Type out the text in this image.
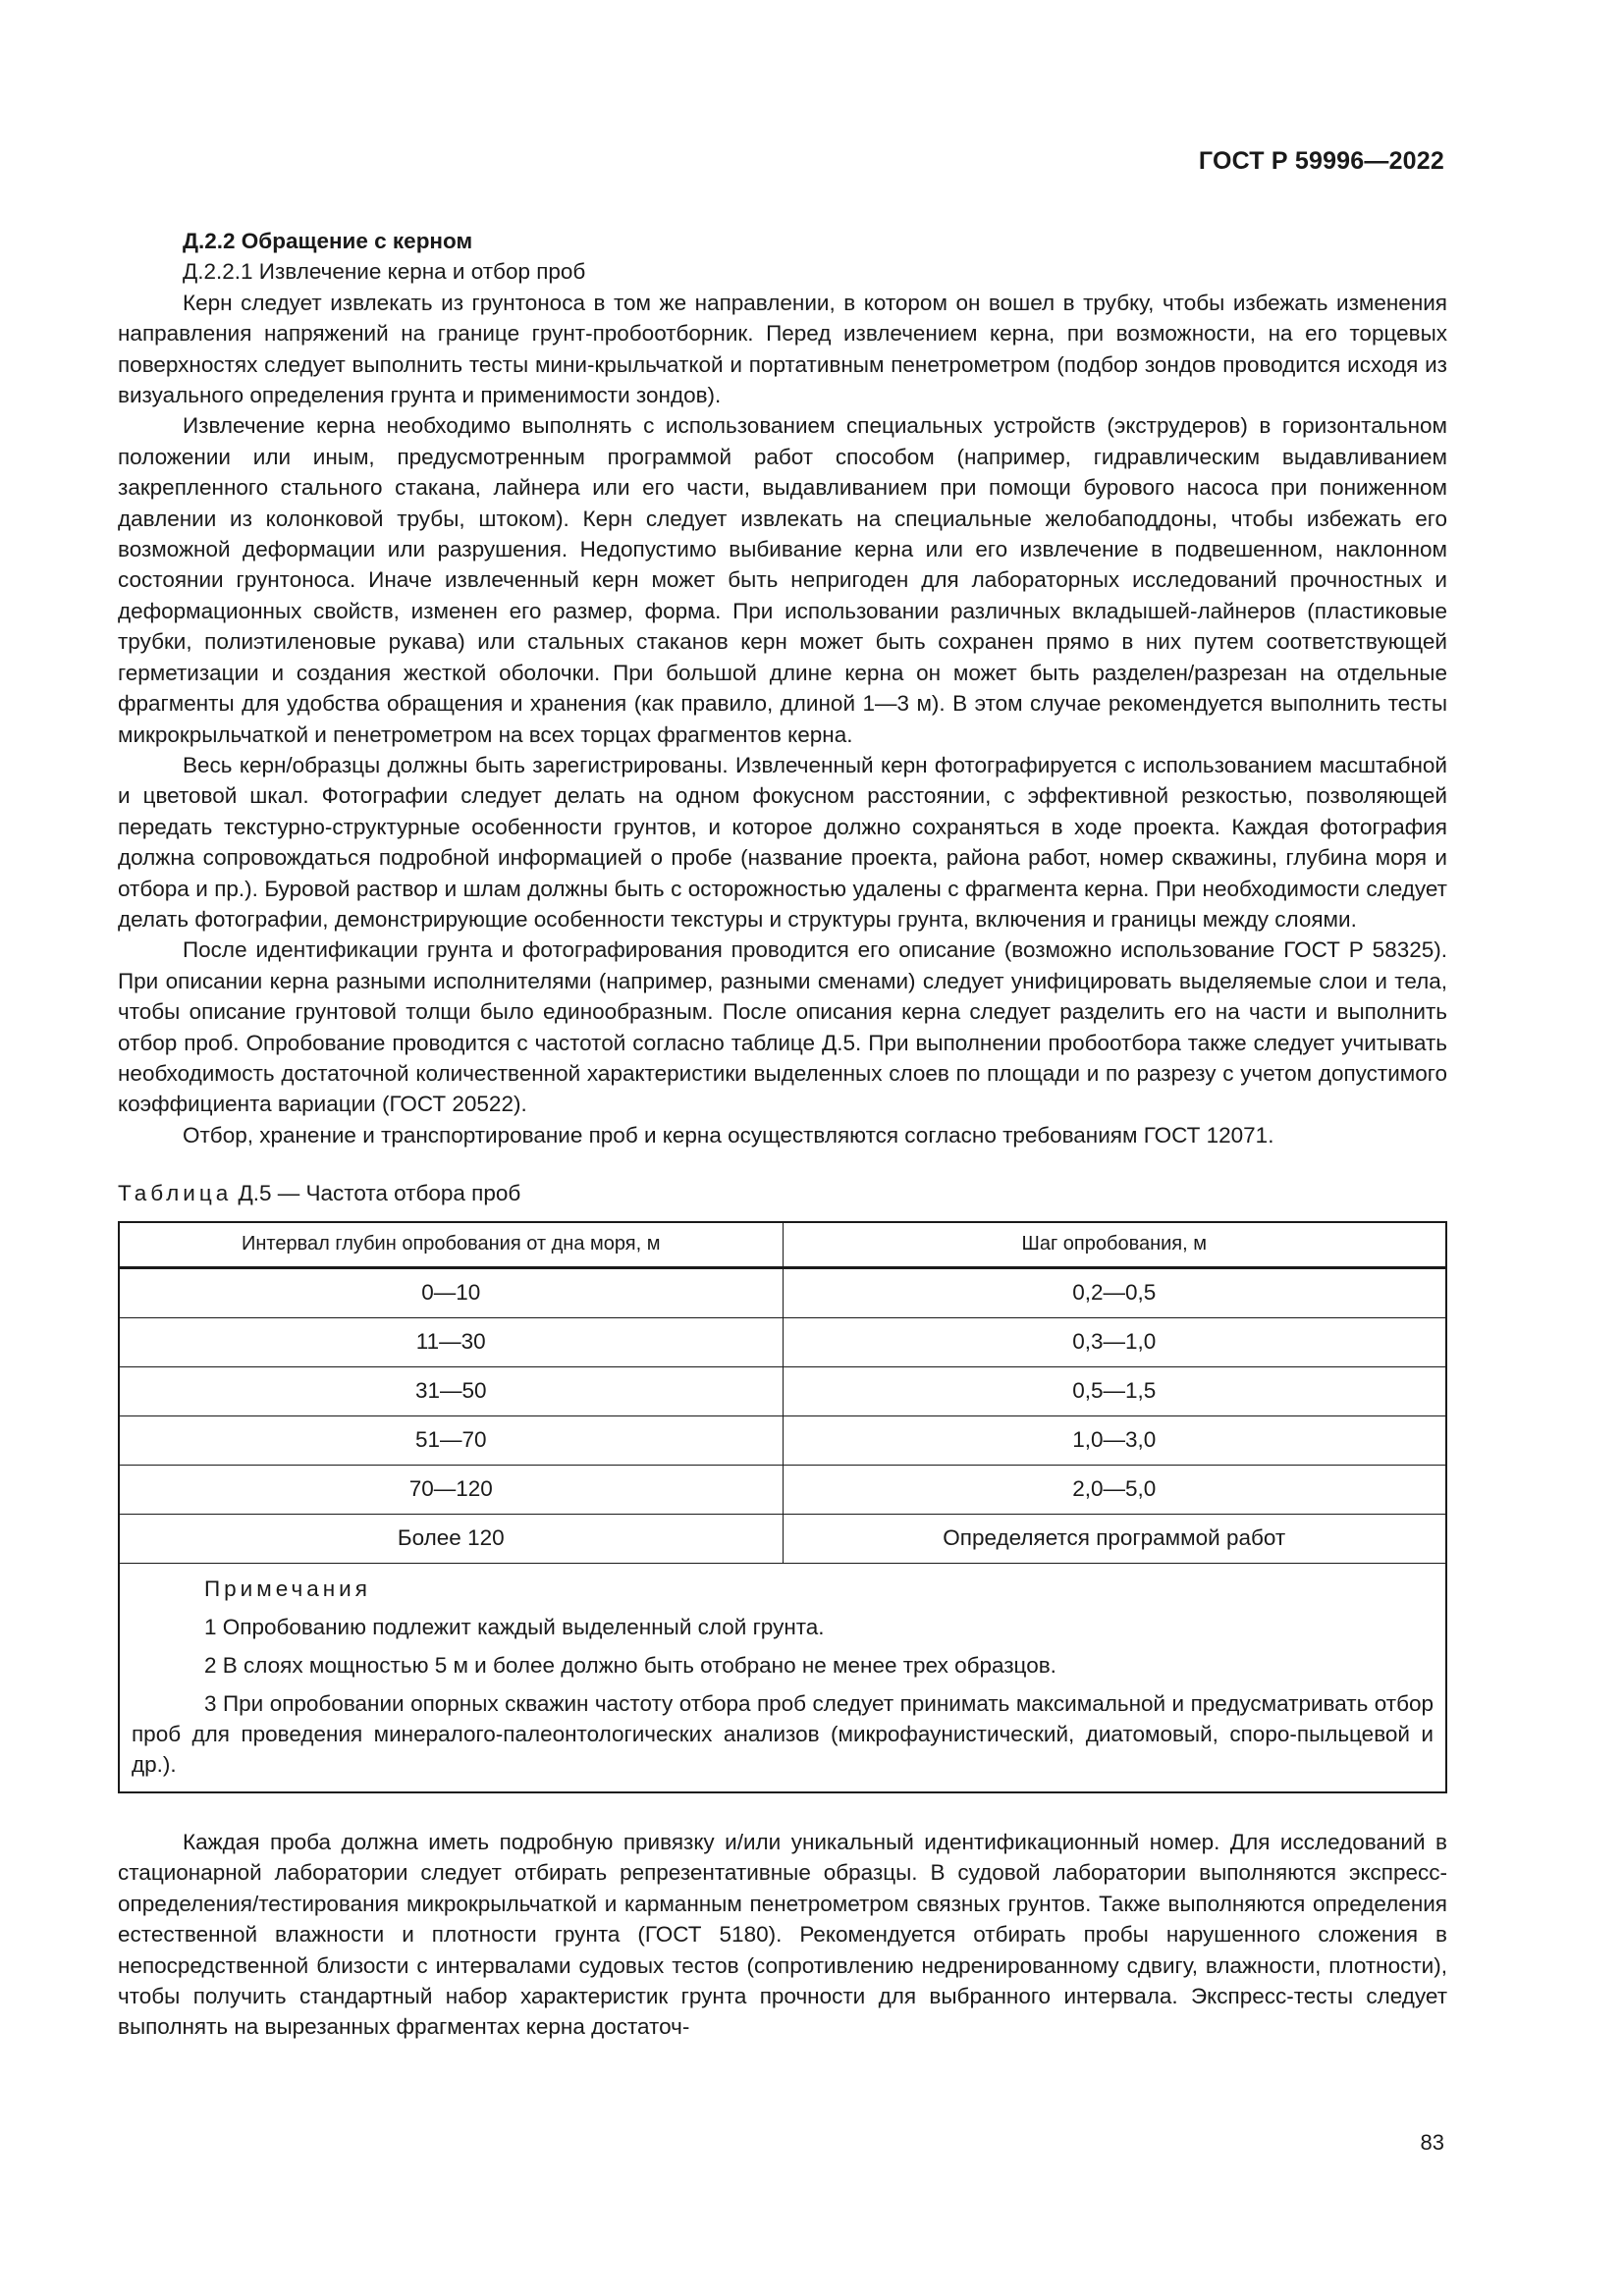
ГОСТ Р 59996—2022

Д.2.2 Обращение с керном

Д.2.2.1 Извлечение керна и отбор проб

Керн следует извлекать из грунтоноса в том же направлении, в котором он вошел в трубку, чтобы избежать изменения направления напряжений на границе грунт-пробоотборник. Перед извлечением керна, при возможности, на его торцевых поверхностях следует выполнить тесты мини-крыльчаткой и портативным пенетрометром (подбор зондов проводится исходя из визуального определения грунта и применимости зондов).

Извлечение керна необходимо выполнять с использованием специальных устройств (экструдеров) в горизонтальном положении или иным, предусмотренным программой работ способом (например, гидравлическим выдавливанием закрепленного стального стакана, лайнера или его части, выдавливанием при помощи бурового насоса при пониженном давлении из колонковой трубы, штоком). Керн следует извлекать на специальные желобаподдоны, чтобы избежать его возможной деформации или разрушения. Недопустимо выбивание керна или его извлечение в подвешенном, наклонном состоянии грунтоноса. Иначе извлеченный керн может быть непригоден для лабораторных исследований прочностных и деформационных свойств, изменен его размер, форма. При использовании различных вкладышей-лайнеров (пластиковые трубки, полиэтиленовые рукава) или стальных стаканов керн может быть сохранен прямо в них путем соответствующей герметизации и создания жесткой оболочки. При большой длине керна он может быть разделен/разрезан на отдельные фрагменты для удобства обращения и хранения (как правило, длиной 1—3 м). В этом случае рекомендуется выполнить тесты микрокрыльчаткой и пенетрометром на всех торцах фрагментов керна.

Весь керн/образцы должны быть зарегистрированы. Извлеченный керн фотографируется с использованием масштабной и цветовой шкал. Фотографии следует делать на одном фокусном расстоянии, с эффективной резкостью, позволяющей передать текстурно-структурные особенности грунтов, и которое должно сохраняться в ходе проекта. Каждая фотография должна сопровождаться подробной информацией о пробе (название проекта, района работ, номер скважины, глубина моря и отбора и пр.). Буровой раствор и шлам должны быть с осторожностью удалены с фрагмента керна. При необходимости следует делать фотографии, демонстрирующие особенности текстуры и структуры грунта, включения и границы между слоями.

После идентификации грунта и фотографирования проводится его описание (возможно использование ГОСТ Р 58325). При описании керна разными исполнителями (например, разными сменами) следует унифицировать выделяемые слои и тела, чтобы описание грунтовой толщи было единообразным. После описания керна следует разделить его на части и выполнить отбор проб. Опробование проводится с частотой согласно таблице Д.5. При выполнении пробоотбора также следует учитывать необходимость достаточной количественной характеристики выделенных слоев по площади и по разрезу с учетом допустимого коэффициента вариации (ГОСТ 20522).

Отбор, хранение и транспортирование проб и керна осуществляются согласно требованиям ГОСТ 12071.

Таблица Д.5 — Частота отбора проб
Интервал глубин опробования от дна моря, м	Шаг опробования, м
0—10	0,2—0,5
11—30	0,3—1,0
31—50	0,5—1,5
51—70	1,0—3,0
70—120	2,0—5,0
Более 120	Определяется программой работ

Примечания

1 Опробованию подлежит каждый выделенный слой грунта.

2 В слоях мощностью 5 м и более должно быть отобрано не менее трех образцов.

3 При опробовании опорных скважин частоту отбора проб следует принимать максимальной и предусматривать отбор проб для проведения минералого-палеонтологических анализов (микрофаунистический, диатомовый, споро-пыльцевой и др.).	

Каждая проба должна иметь подробную привязку и/или уникальный идентификационный номер. Для исследований в стационарной лаборатории следует отбирать репрезентативные образцы. В судовой лаборатории выполняются экспресс-определения/тестирования микрокрыльчаткой и карманным пенетрометром связных грунтов. Также выполняются определения естественной влажности и плотности грунта (ГОСТ 5180). Рекомендуется отбирать пробы нарушенного сложения в непосредственной близости с интервалами судовых тестов (сопротивлению недренированному сдвигу, влажности, плотности), чтобы получить стандартный набор характеристик грунта прочности для выбранного интервала. Экспресс-тесты следует выполнять на вырезанных фрагментах керна достаточ-

83
